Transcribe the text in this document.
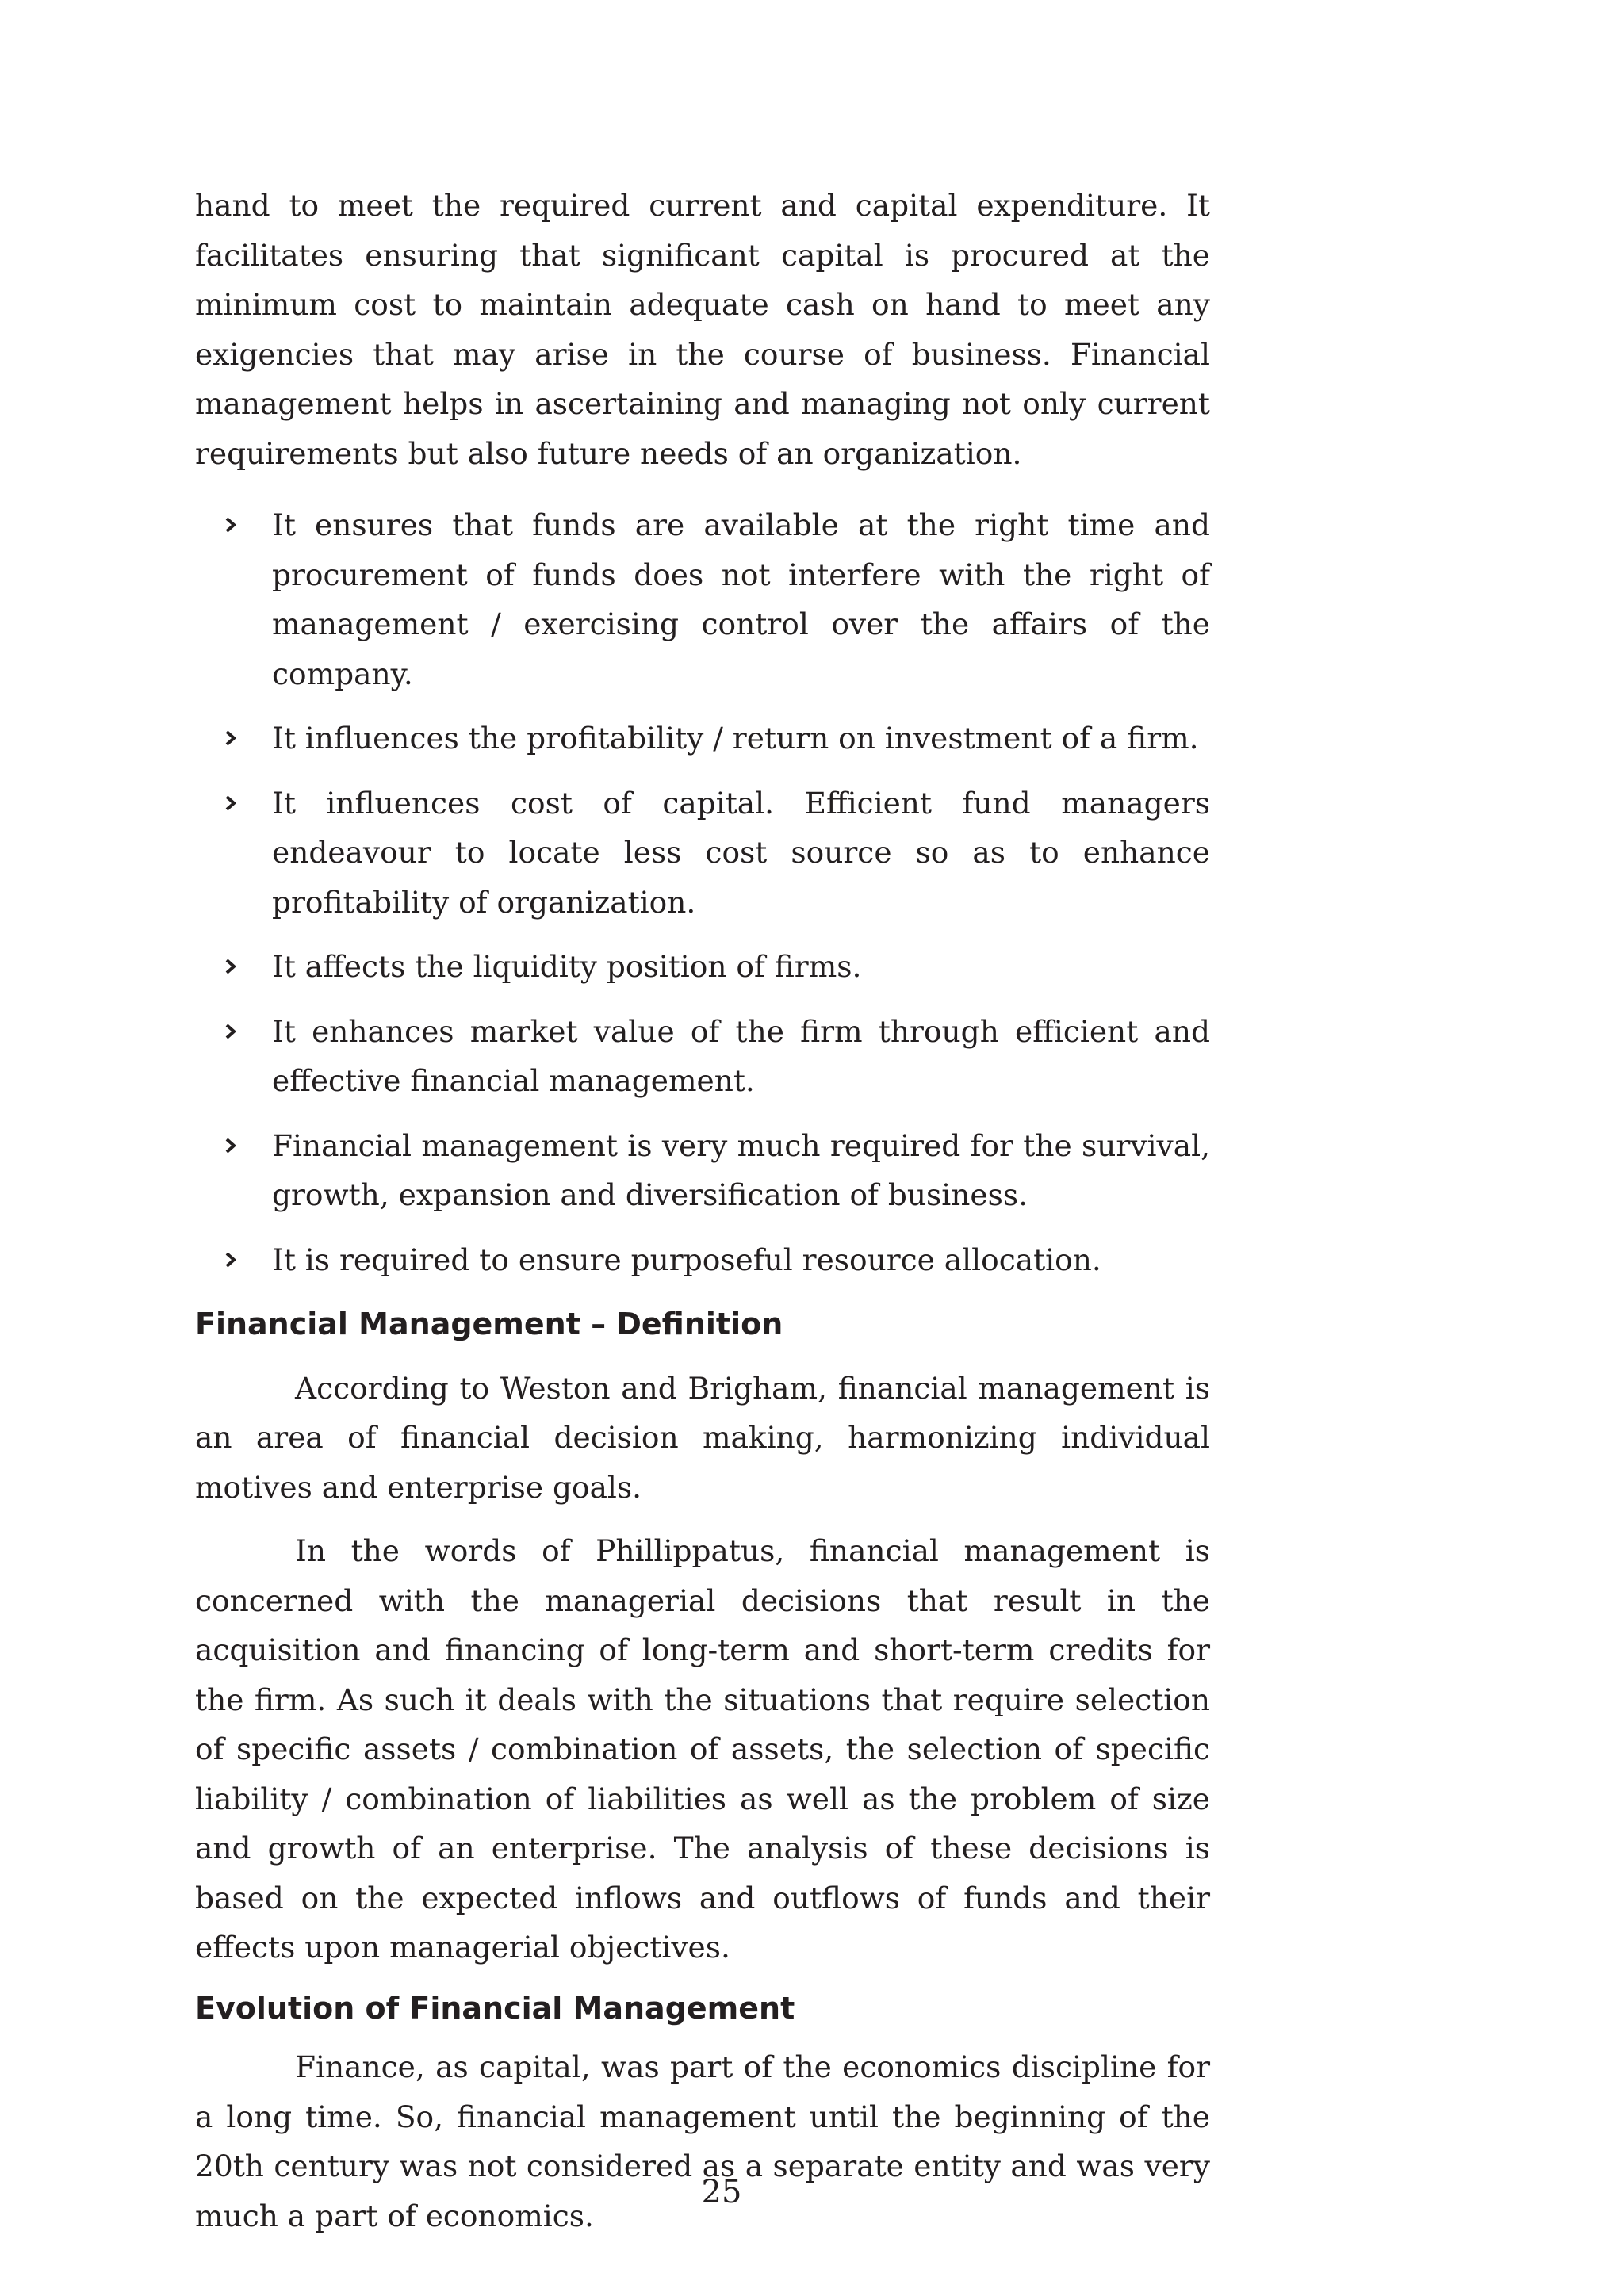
hand to meet the required current and capital expenditure. It facilitates ensuring that significant capital is procured at the minimum cost to maintain adequate cash on hand to meet any exigencies that may arise in the course of business. Financial management helps in ascertaining and managing not only current requirements but also future needs of an organization.

It ensures that funds are available at the right time and procurement of funds does not interfere with the right of management / exercising control over the affairs of the company.
It influences the profitability / return on investment of a firm.
It influences cost of capital. Efficient fund managers endeavour to locate less cost source so as to enhance profitability of organization.
It affects the liquidity position of firms.
It enhances market value of the firm through efficient and effective financial management.
Financial management is very much required for the survival, growth, expansion and diversification of business.
It is required to ensure purposeful resource allocation.
Financial Management – Definition

According to Weston and Brigham, financial management is an area of financial decision making, harmonizing individual motives and enterprise goals.

In the words of Phillippatus, financial management is concerned with the managerial decisions that result in the acquisition and financing of long-term and short-term credits for the firm. As such it deals with the situations that require selection of specific assets / combination of assets, the selection of specific liability / combination of liabilities as well as the problem of size and growth of an enterprise. The analysis of these decisions is based on the expected inflows and outflows of funds and their effects upon managerial objectives.

Evolution of Financial Management

Finance, as capital, was part of the economics discipline for a long time. So, financial management until the beginning of the 20th century was not considered as a separate entity and was very much a part of economics.

25
